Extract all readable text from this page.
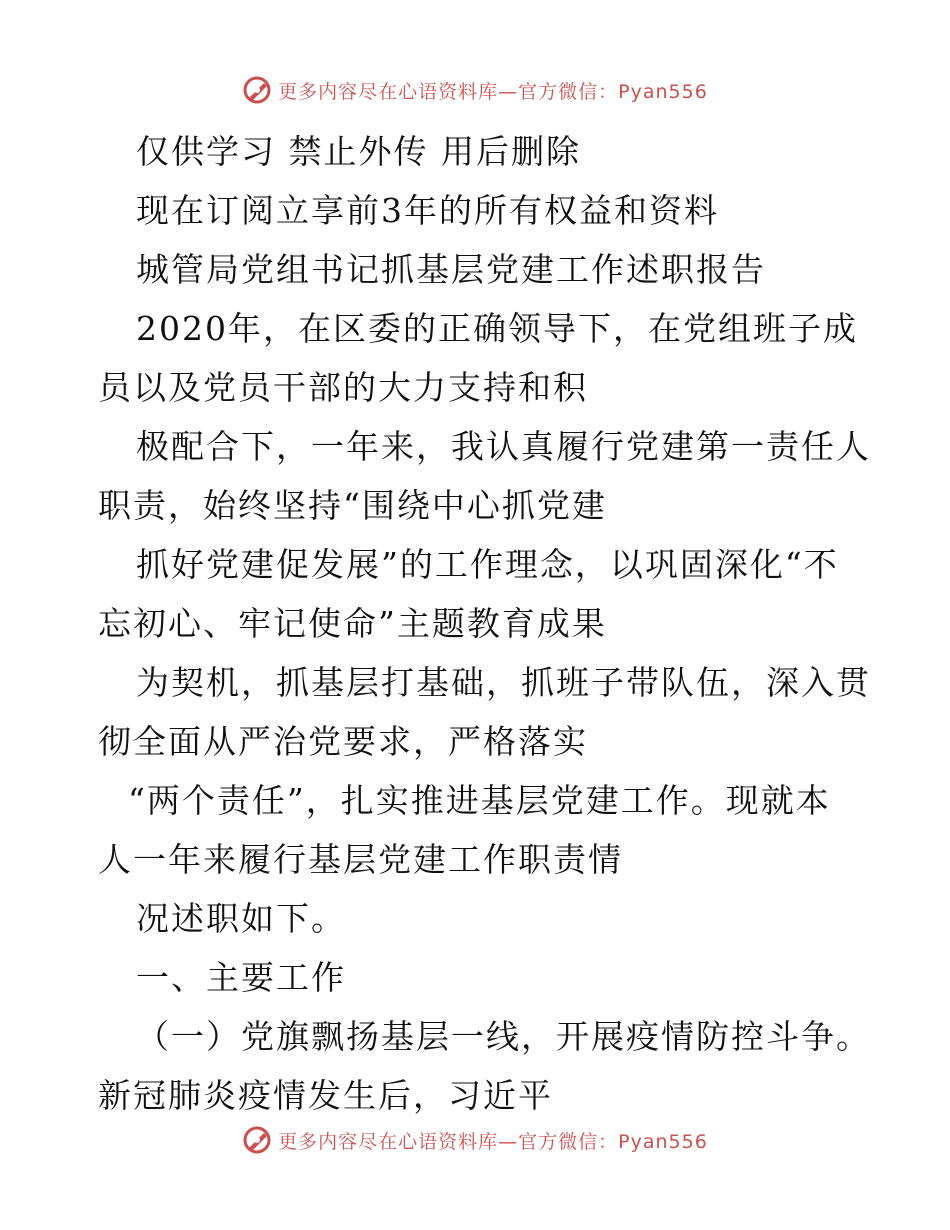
更多内容尽在心语资料库—官方微信：Pyan556
仅供学习 禁止外传 用后删除
现在订阅立享前3年的所有权益和资料
城管局党组书记抓基层党建工作述职报告
2020年，在区委的正确领导下，在党组班子成
员以及党员干部的大力支持和积
极配合下，一年来，我认真履行党建第一责任人
职责，始终坚持“围绕中心抓党建
抓好党建促发展”的工作理念，以巩固深化“不
忘初心、牢记使命”主题教育成果
为契机，抓基层打基础，抓班子带队伍，深入贯
彻全面从严治党要求，严格落实
“两个责任”，扎实推进基层党建工作。现就本
人一年来履行基层党建工作职责情
况述职如下。
一、主要工作
（一）党旗飘扬基层一线，开展疫情防控斗争。
新冠肺炎疫情发生后，习近平
更多内容尽在心语资料库—官方微信：Pyan556
